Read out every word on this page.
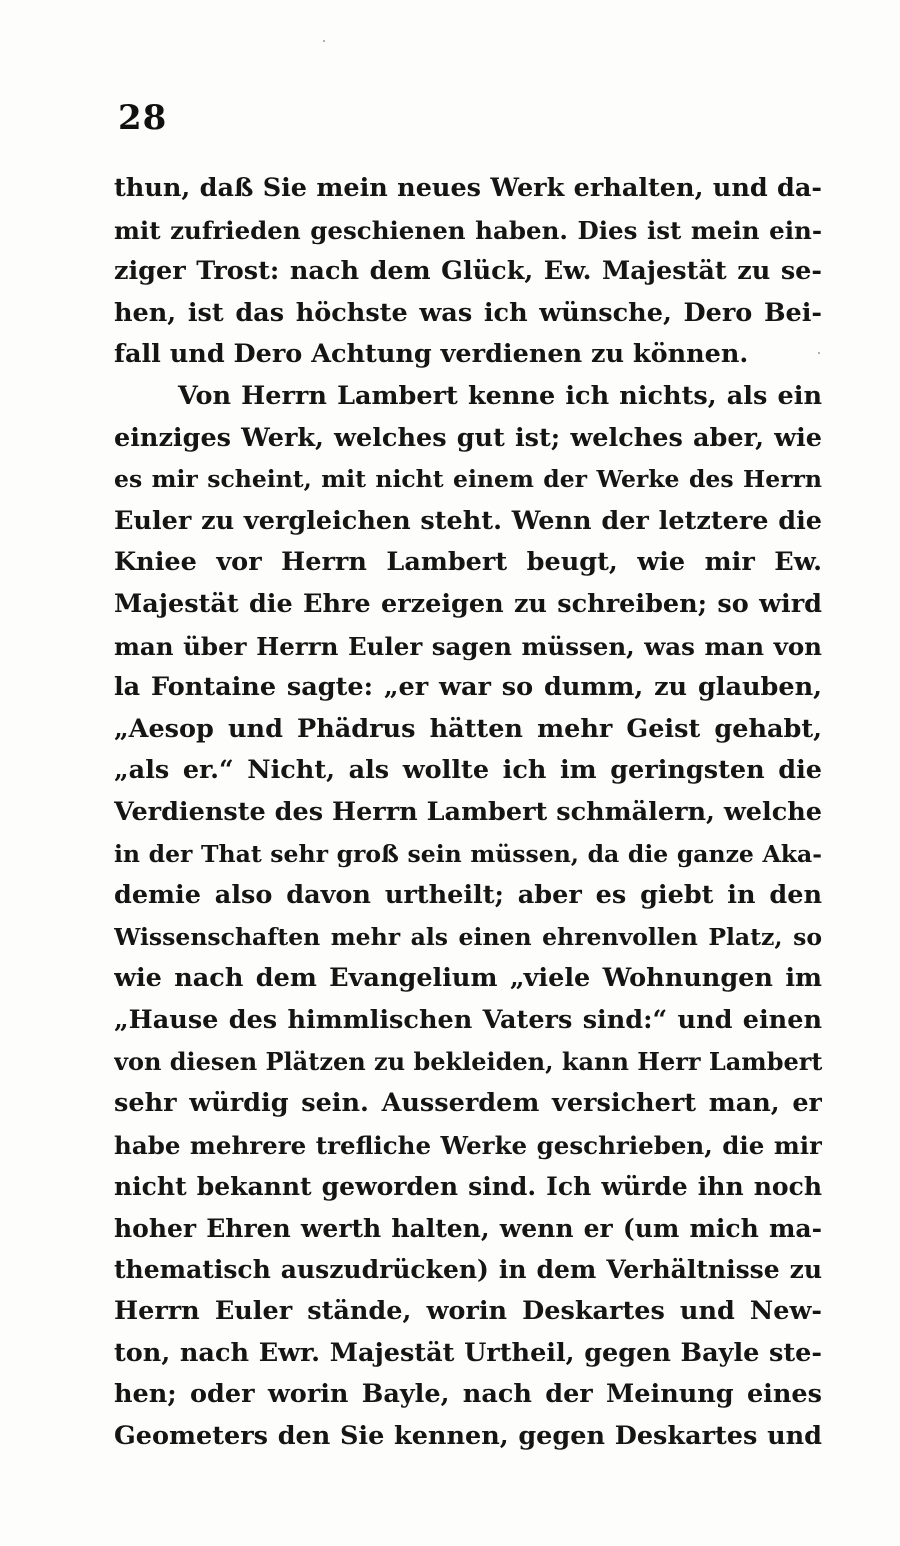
28
thun, daß Sie mein neues Werk erhalten, und da-
mit zufrieden geschienen haben. Dies ist mein ein-
ziger Trost: nach dem Glück, Ew. Majestät zu se-
hen, ist das höchste was ich wünsche, Dero Bei-
fall und Dero Achtung verdienen zu können.
Von Herrn Lambert kenne ich nichts, als ein
einziges Werk, welches gut ist; welches aber, wie
es mir scheint, mit nicht einem der Werke des Herrn
Euler zu vergleichen steht. Wenn der letztere die
Kniee vor Herrn Lambert beugt, wie mir Ew.
Majestät die Ehre erzeigen zu schreiben; so wird
man über Herrn Euler sagen müssen, was man von
la Fontaine sagte: „er war so dumm, zu glauben,
„Aesop und Phädrus hätten mehr Geist gehabt,
„als er.“ Nicht, als wollte ich im geringsten die
Verdienste des Herrn Lambert schmälern, welche
in der That sehr groß sein müssen, da die ganze Aka-
demie also davon urtheilt; aber es giebt in den
Wissenschaften mehr als einen ehrenvollen Platz, so
wie nach dem Evangelium „viele Wohnungen im
„Hause des himmlischen Vaters sind:“ und einen
von diesen Plätzen zu bekleiden, kann Herr Lambert
sehr würdig sein. Ausserdem versichert man, er
habe mehrere trefliche Werke geschrieben, die mir
nicht bekannt geworden sind. Ich würde ihn noch
hoher Ehren werth halten, wenn er (um mich ma-
thematisch auszudrücken) in dem Verhältnisse zu
Herrn Euler stände, worin Deskartes und New-
ton, nach Ewr. Majestät Urtheil, gegen Bayle ste-
hen; oder worin Bayle, nach der Meinung eines
Geometers den Sie kennen, gegen Deskartes und
